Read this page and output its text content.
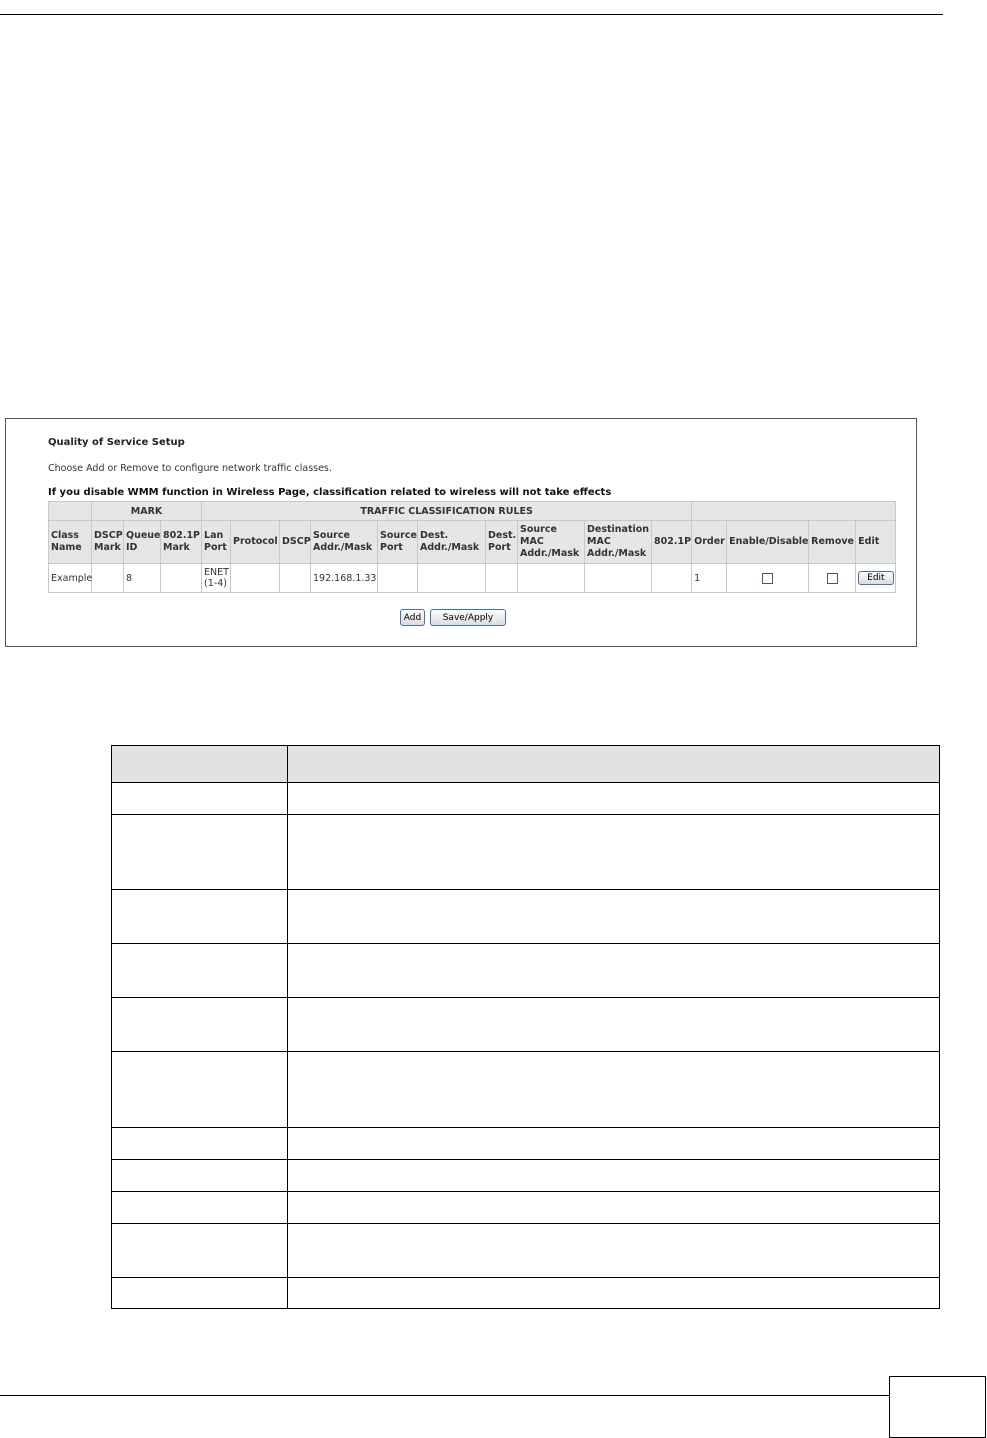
Quality of Service Setup
Choose Add or Remove to configure network traffic classes.
If you disable WMM function in Wireless Page, classification related to wireless will not take effects
	MARK			TRAFFIC CLASSIFICATION RULES													
Class Name	DSCP Mark	Queue ID	802.1P Mark	Lan Port	Protocol	DSCP	Source Addr./Mask	Source Port	Dest. Addr./Mask	Dest. Port	Source MAC Addr./Mask	Destination MAC Addr./Mask	802.1P	Order	Enable/Disable	Remove	Edit
Example		8		ENET (1-4)			192.168.1.33							1			Edit
Add	Save/Apply
